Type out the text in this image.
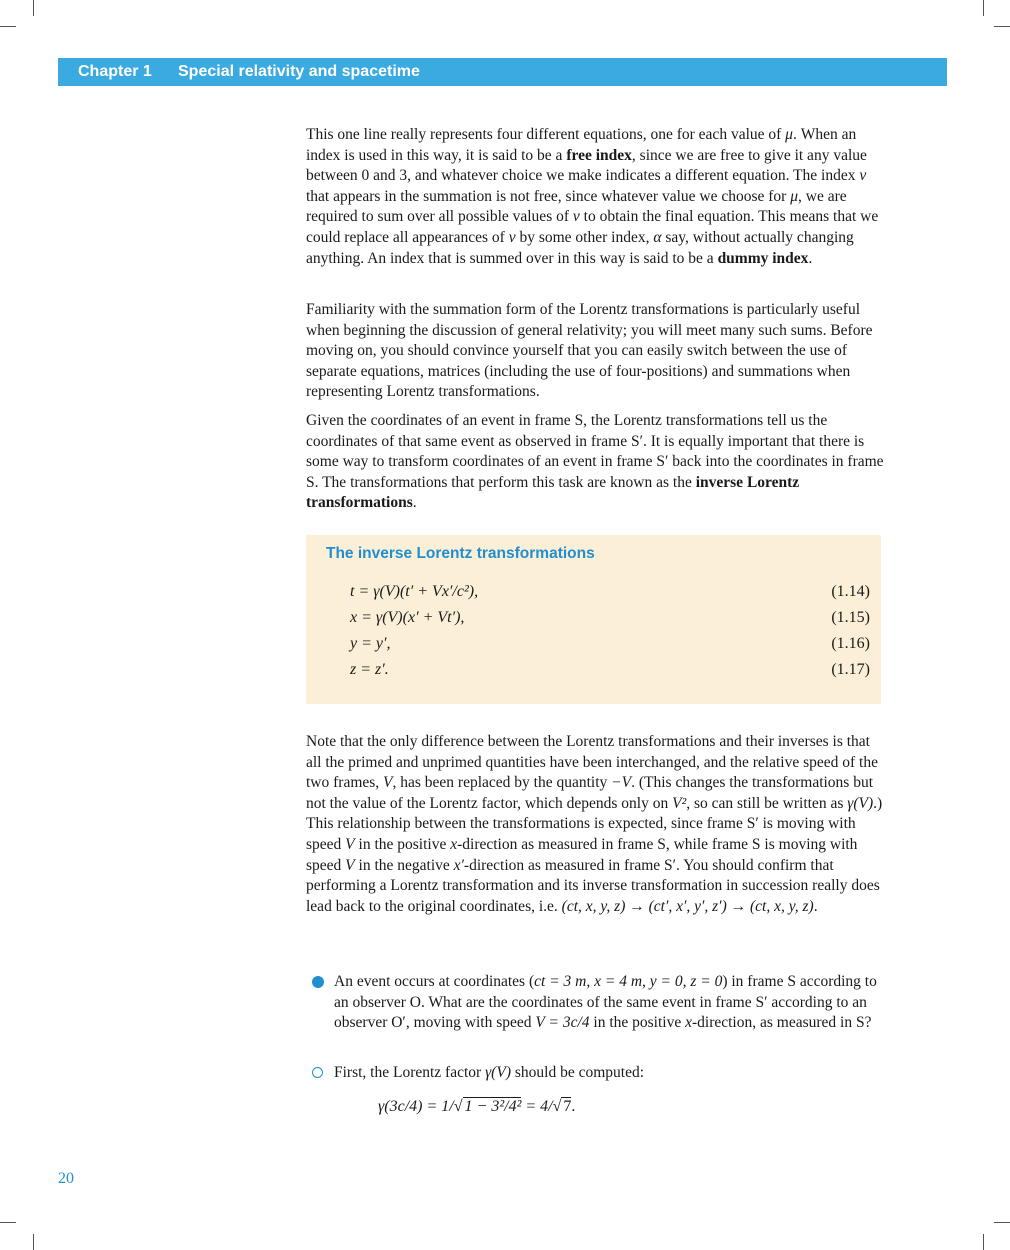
Chapter 1 Special relativity and spacetime

This one line really represents four different equations, one for each value of μ. When an index is used in this way, it is said to be a free index, since we are free to give it any value between 0 and 3, and whatever choice we make indicates a different equation. The index ν that appears in the summation is not free, since whatever value we choose for μ, we are required to sum over all possible values of ν to obtain the final equation. This means that we could replace all appearances of ν by some other index, α say, without actually changing anything. An index that is summed over in this way is said to be a dummy index.

Familiarity with the summation form of the Lorentz transformations is particularly useful when beginning the discussion of general relativity; you will meet many such sums. Before moving on, you should convince yourself that you can easily switch between the use of separate equations, matrices (including the use of four-positions) and summations when representing Lorentz transformations.

Given the coordinates of an event in frame S, the Lorentz transformations tell us the coordinates of that same event as observed in frame S′. It is equally important that there is some way to transform coordinates of an event in frame S′ back into the coordinates in frame S. The transformations that perform this task are known as the inverse Lorentz transformations.

The inverse Lorentz transformations
t = γ(V)(t′ + Vx′/c²),	(1.14)
x = γ(V)(x′ + Vt′),	(1.15)
y = y′,	(1.16)
z = z′.	(1.17)

Note that the only difference between the Lorentz transformations and their inverses is that all the primed and unprimed quantities have been interchanged, and the relative speed of the two frames, V, has been replaced by the quantity −V. (This changes the transformations but not the value of the Lorentz factor, which depends only on V², so can still be written as γ(V).) This relationship between the transformations is expected, since frame S′ is moving with speed V in the positive x-direction as measured in frame S, while frame S is moving with speed V in the negative x′-direction as measured in frame S′. You should confirm that performing a Lorentz transformation and its inverse transformation in succession really does lead back to the original coordinates, i.e. (ct, x, y, z) → (ct′, x′, y′, z′) → (ct, x, y, z).

An event occurs at coordinates (ct = 3 m, x = 4 m, y = 0, z = 0) in frame S according to an observer O. What are the coordinates of the same event in frame S′ according to an observer O′, moving with speed V = 3c/4 in the positive x-direction, as measured in S?
First, the Lorentz factor γ(V) should be computed:
γ(3c/4) = 1/√ 1 − 3²/4² = 4/√ 7.
20
